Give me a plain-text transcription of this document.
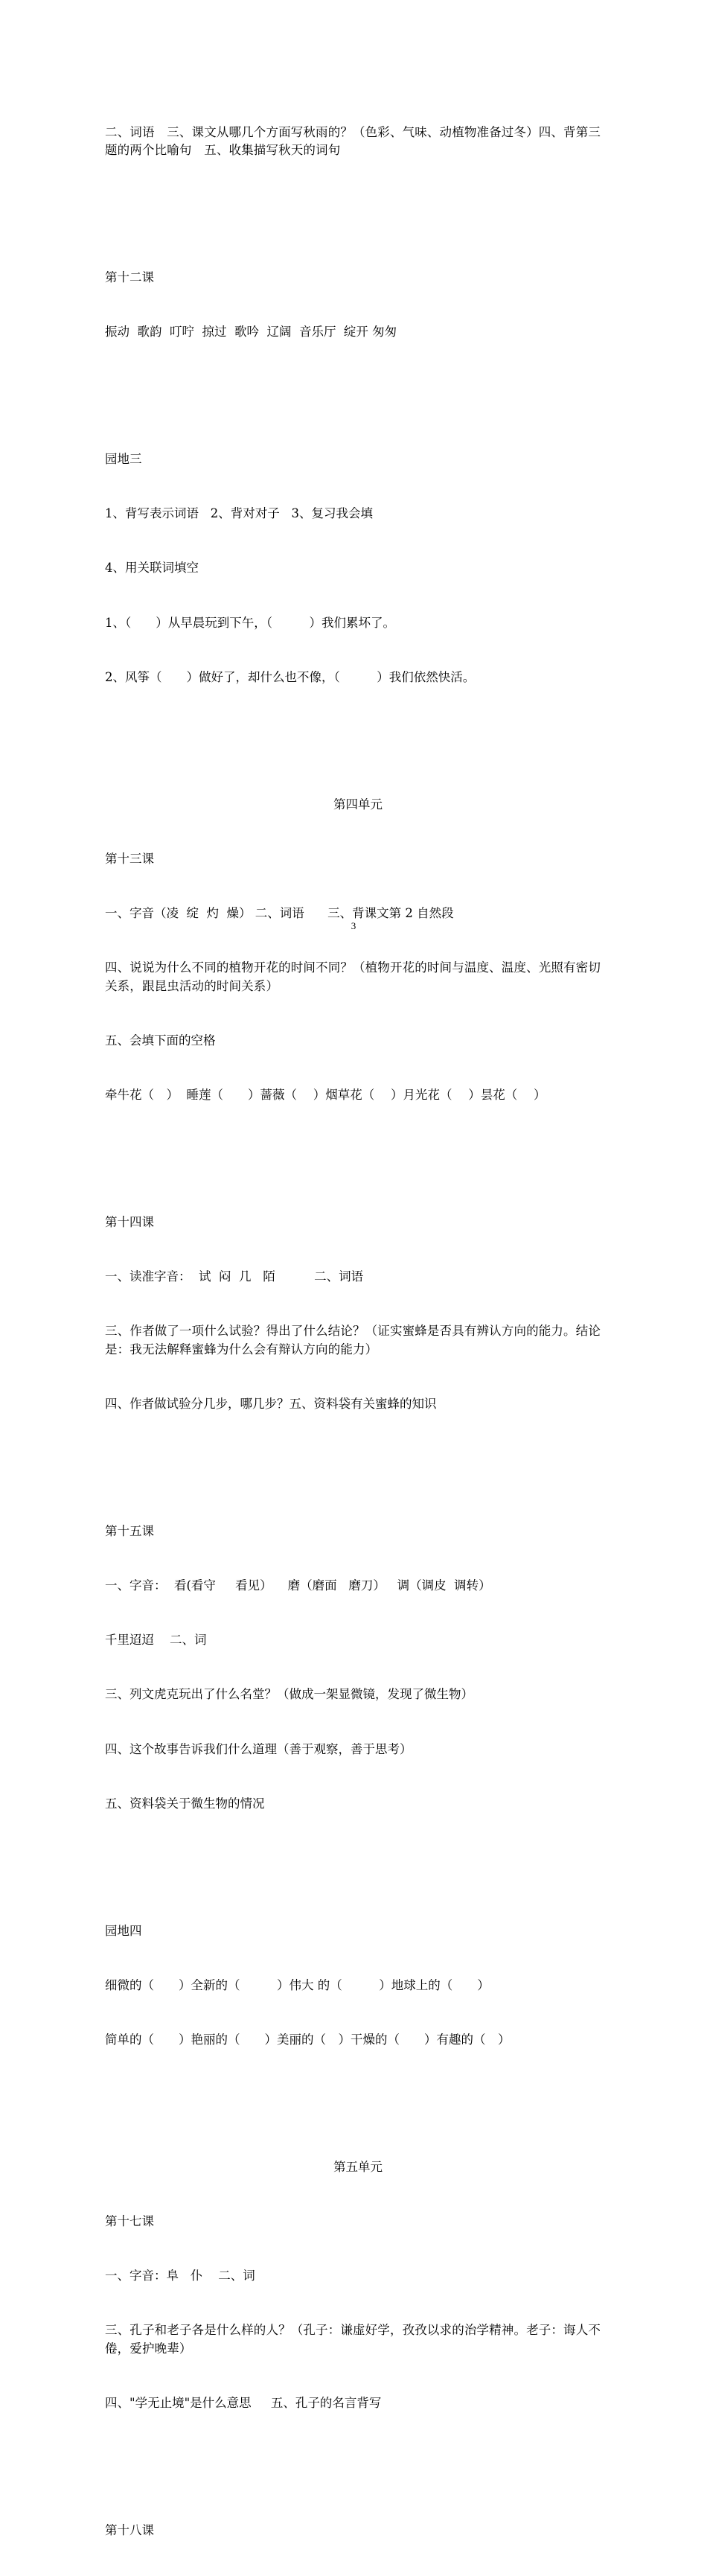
二、词语　三、课文从哪几个方面写秋雨的？（色彩、气味、动植物准备过冬）四、背第三题的两个比喻句　五、收集描写秋天的词句

第十二课

振动  歌韵  叮咛  掠过  歌吟  辽阔  音乐厅  绽开 匆匆

园地三

1、背写表示词语   2、背对对子   3、复习我会填

4、用关联词填空

1、（　　）从早晨玩到下午，（　　　）我们累坏了。

2、风筝（　　）做好了，却什么也不像，（　　　）我们依然快活。

第四单元

第十三课

一、字音（凌  绽  灼  燥） 二、词语      三、背课文第 2 自然段

四、说说为什么不同的植物开花的时间不同？（植物开花的时间与温度、温度、光照有密切关系，跟昆虫活动的时间关系）

五、会填下面的空格

牵牛花（　）  睡莲（　　）蔷薇（　 ）烟草花（　 ）月光花（　 ）昙花（　 ）

第十四课

一、读准字音：  试  闷  几   陌          二、词语

三、作者做了一项什么试验？得出了什么结论？（证实蜜蜂是否具有辨认方向的能力。结论是：我无法解释蜜蜂为什么会有辩认方向的能力）

四、作者做试验分几步，哪几步？五、资料袋有关蜜蜂的知识

第十五课

一、字音：  看(看守     看见）    磨（磨面   磨刀）   调（调皮  调转）

千里迢迢    二、词

三、列文虎克玩出了什么名堂？（做成一架显微镜，发现了微生物）

四、这个故事告诉我们什么道理（善于观察，善于思考）

五、资料袋关于微生物的情况

园地四

细微的（　　）全新的（　　　）伟大 的（　　　）地球上的（　　）

简单的（　　）艳丽的（　　）美丽的（　）干燥的（　　）有趣的（　）

第五单元

第十七课

一、字音：阜   仆    二、词

三、孔子和老子各是什么样的人？（孔子：谦虚好学，孜孜以求的治学精神。老子：诲人不倦，爱护晚辈）

四、"学无止境"是什么意思     五、孔子的名言背写

第十八课

3
